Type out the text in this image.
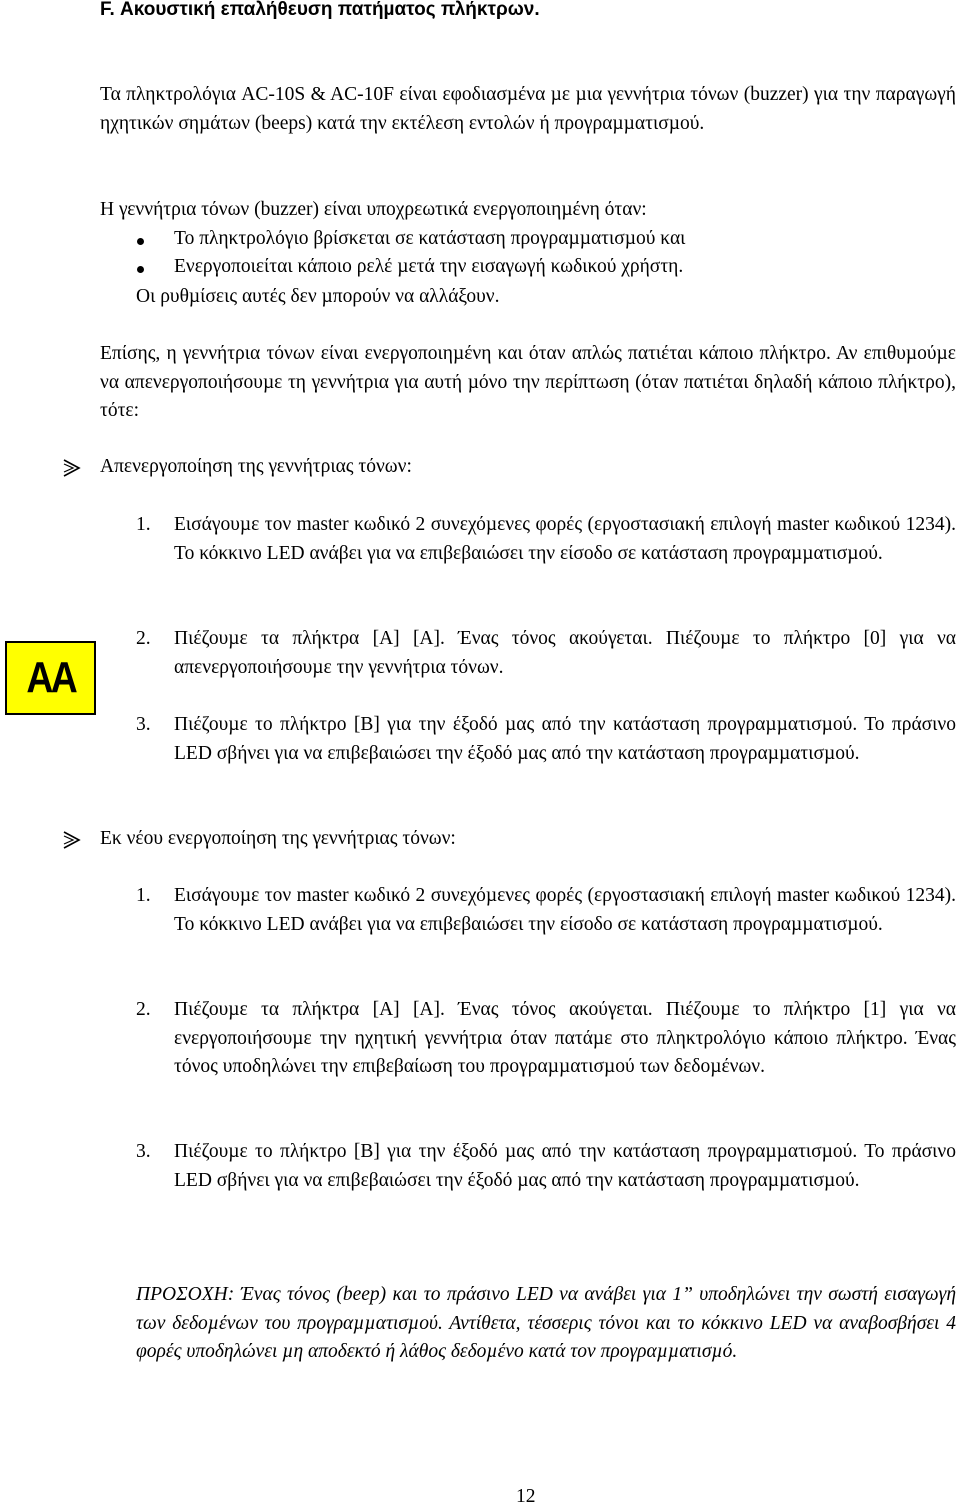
F. Ακουστική επαλήθευση πατήµατος πλήκτρων.

Τα πληκτρολόγια AC-10S & AC-10F είναι εφοδιασµένα µε µια γεννήτρια τόνων (buzzer) για την παραγωγή ηχητικών σηµάτων (beeps) κατά την εκτέλεση εντολών ή προγραµµατισµού.

Η γεννήτρια τόνων (buzzer) είναι υποχρεωτικά ενεργοποιηµένη όταν:
Το πληκτρολόγιο βρίσκεται σε κατάσταση προγραµµατισµού και
Ενεργοποιείται κάποιο ρελέ µετά την εισαγωγή κωδικού χρήστη.
Οι ρυθµίσεις αυτές δεν µπορούν να αλλάξουν.

Επίσης, η γεννήτρια τόνων είναι ενεργοποιηµένη και όταν απλώς πατιέται κάποιο πλήκτρο. Αν επιθυµούµε να απενεργοποιήσουµε τη γεννήτρια για αυτή µόνο την περίπτωση (όταν πατιέται δηλαδή κάποιο πλήκτρο), τότε:

Απενεργοποίηση της γεννήτριας τόνων:
1. Εισάγουµε τον master κωδικό 2 συνεχόµενες φορές (εργοστασιακή επιλογή master κωδικού 1234). Το κόκκινο LED ανάβει για να επιβεβαιώσει την είσοδο σε κατάσταση προγραµµατισµού.

2. Πιέζουµε τα πλήκτρα [A] [A]. Ένας τόνος ακούγεται. Πιέζουµε το πλήκτρο [0] για να απενεργοποιήσουµε την γεννήτρια τόνων.

3. Πιέζουµε το πλήκτρο [B] για την έξοδό µας από την κατάσταση προγραµµατισµού. Το πράσινο LED σβήνει για να επιβεβαιώσει την έξοδό µας από την κατάσταση προγραµµατισµού.

Εκ νέου ενεργοποίηση της γεννήτριας τόνων:
1. Εισάγουµε τον master κωδικό 2 συνεχόµενες φορές (εργοστασιακή επιλογή master κωδικού 1234). Το κόκκινο LED ανάβει για να επιβεβαιώσει την είσοδο σε κατάσταση προγραµµατισµού.

2. Πιέζουµε τα πλήκτρα [A] [A]. Ένας τόνος ακούγεται. Πιέζουµε το πλήκτρο [1] για να ενεργοποιήσουµε την ηχητική γεννήτρια όταν πατάµε στο πληκτρολόγιο κάποιο πλήκτρο. Ένας τόνος υποδηλώνει την επιβεβαίωση του προγραµµατισµού των δεδοµένων.

3. Πιέζουµε το πλήκτρο [B] για την έξοδό µας από την κατάσταση προγραµµατισµού. Το πράσινο LED σβήνει για να επιβεβαιώσει την έξοδό µας από την κατάσταση προγραµµατισµού.

ΠΡΟΣΟΧΗ: Ένας τόνος (beep) και το πράσινο LED να ανάβει για 1” υποδηλώνει την σωστή εισαγωγή των δεδοµένων του προγραµµατισµού. Αντίθετα, τέσσερις τόνοι και το κόκκινο LED να αναβοσβήσει 4 φορές υποδηλώνει µη αποδεκτό ή λάθος δεδοµένο κατά τον προγραµµατισµό.

AA
12
